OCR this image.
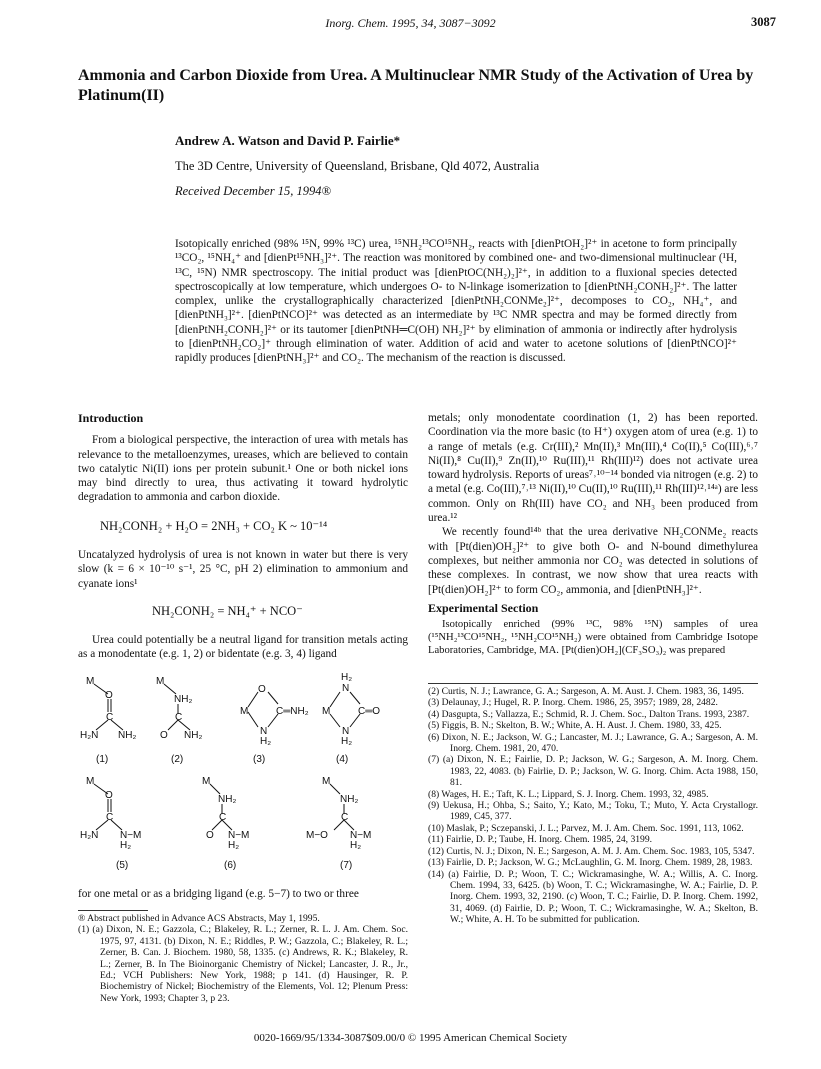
Inorg. Chem. 1995, 34, 3087−3092	3087
Ammonia and Carbon Dioxide from Urea. A Multinuclear NMR Study of the Activation of Urea by Platinum(II)
Andrew A. Watson and David P. Fairlie*
The 3D Centre, University of Queensland, Brisbane, Qld 4072, Australia
Received December 15, 1994®
Isotopically enriched (98% ¹⁵N, 99% ¹³C) urea, ¹⁵NH₂¹³CO¹⁵NH₂, reacts with [dienPtOH₂]²⁺ in acetone to form principally ¹³CO₂, ¹⁵NH₄⁺ and [dienPt¹⁵NH₃]²⁺. The reaction was monitored by combined one- and two-dimensional multinuclear (¹H, ¹³C, ¹⁵N) NMR spectroscopy. The initial product was [dienPtOC(NH₂)₂]²⁺, in addition to a fluxional species detected spectroscopically at low temperature, which undergoes O- to N-linkage isomerization to [dienPtNH₂CONH₂]²⁺. The latter complex, unlike the crystallographically characterized [dienPtNH₂CONMe₂]²⁺, decomposes to CO₂, NH₄⁺, and [dienPtNH₃]²⁺. [dienPtNCO]²⁺ was detected as an intermediate by ¹³C NMR spectra and may be formed directly from [dienPtNH₂CONH₂]²⁺ or its tautomer [dienPtNH═C(OH) NH₂]²⁺ by elimination of ammonia or indirectly after hydrolysis to [dienPtNH₂CO₂]⁺ through elimination of water. Addition of acid and water to acetone solutions of [dienPtNCO]²⁺ rapidly produces [dienPtNH₃]²⁺ and CO₂. The mechanism of the reaction is discussed.
Introduction

From a biological perspective, the interaction of urea with metals has relevance to the metalloenzymes, ureases, which are believed to contain two catalytic Ni(II) ions per protein subunit.¹ One or both nickel ions may bind directly to urea, thus activating it toward hydrolytic degradation to ammonia and carbon dioxide.

NH₂CONH₂ + H₂O = 2NH₃ + CO₂ K ~ 10⁻¹⁴

Uncatalyzed hydrolysis of urea is not known in water but there is very slow (k = 6 × 10⁻¹⁰ s⁻¹, 25 °C, pH 2) elimination to ammonium and cyanate ions¹

NH₂CONH₂ = NH₄⁺ + NCO⁻

Urea could potentially be a neutral ligand for transition metals acting as a monodentate (e.g. 1, 2) or bidentate (e.g. 3, 4) ligand

M
O
C
H₂N NH₂
M
NH₂
C
O NH₂
M
O
C═NH₂
N
H₂
M
H₂
N
C═O
N
H₂
(1)	(2)	(3)	(4)
M
O
C
H₂N N−M
H₂
M
NH₂
C
O N−M
H₂
M
NH₂
C
M−O N−M
H₂
(5)	(6)	(7)

for one metal or as a bridging ligand (e.g. 5−7) to two or three

® Abstract published in Advance ACS Abstracts, May 1, 1995.
(1) (a) Dixon, N. E.; Gazzola, C.; Blakeley, R. L.; Zerner, R. L. J. Am. Chem. Soc. 1975, 97, 4131. (b) Dixon, N. E.; Riddles, P. W.; Gazzola, C.; Blakeley, R. L.; Zerner, B. Can. J. Biochem. 1980, 58, 1335. (c) Andrews, R. K.; Blakeley, R. L.; Zerner, B. In The Bioinorganic Chemistry of Nickel; Lancaster, J. R., Jr., Ed.; VCH Publishers: New York, 1988; p 141. (d) Hausinger, R. P. Biochemistry of Nickel; Biochemistry of the Elements, Vol. 12; Plenum Press: New York, 1993; Chapter 3, p 23.

metals; only monodentate coordination (1, 2) has been reported. Coordination via the more basic (to H⁺) oxygen atom of urea (e.g. 1) to a range of metals (e.g. Cr(III),² Mn(II),³ Mn(III),⁴ Co(II),⁵ Co(III),⁶˒⁷ Ni(II),⁸ Cu(II),⁹ Zn(II),¹⁰ Ru(III),¹¹ Rh(III)¹²) does not activate urea toward hydrolysis. Reports of ureas⁷˒¹⁰⁻¹⁴ bonded via nitrogen (e.g. 2) to a metal (e.g. Co(III),⁷˒¹³ Ni(II),¹⁰ Cu(II),¹⁰ Ru(III),¹¹ Rh(III)¹²˒¹⁴ᵃ) are less common. Only on Rh(III) have CO₂ and NH₃ been produced from urea.¹²

We recently found¹⁴ᵇ that the urea derivative NH₂CONMe₂ reacts with [Pt(dien)OH₂]²⁺ to give both O- and N-bound dimethylurea complexes, but neither ammonia nor CO₂ was detected in solutions of these complexes. In contrast, we now show that urea reacts with [Pt(dien)OH₂]²⁺ to form CO₂, ammonia, and [dienPtNH₃]²⁺.

Experimental Section

Isotopically enriched (99% ¹³C, 98% ¹⁵N) samples of urea (¹⁵NH₂¹³CO¹⁵NH₂, ¹⁵NH₂CO¹⁵NH₂) were obtained from Cambridge Isotope Laboratories, Cambridge, MA. [Pt(dien)OH₂](CF₃SO₃)₂ was prepared

(2) Curtis, N. J.; Lawrance, G. A.; Sargeson, A. M. Aust. J. Chem. 1983, 36, 1495.
(3) Delaunay, J.; Hugel, R. P. Inorg. Chem. 1986, 25, 3957; 1989, 28, 2482.
(4) Dasgupta, S.; Vallazza, E.; Schmid, R. J. Chem. Soc., Dalton Trans. 1993, 2387.
(5) Figgis, B. N.; Skelton, B. W.; White, A. H. Aust. J. Chem. 1980, 33, 425.
(6) Dixon, N. E.; Jackson, W. G.; Lancaster, M. J.; Lawrance, G. A.; Sargeson, A. M. Inorg. Chem. 1981, 20, 470.
(7) (a) Dixon, N. E.; Fairlie, D. P.; Jackson, W. G.; Sargeson, A. M. Inorg. Chem. 1983, 22, 4083. (b) Fairlie, D. P.; Jackson, W. G. Inorg. Chim. Acta 1988, 150, 81.
(8) Wages, H. E.; Taft, K. L.; Lippard, S. J. Inorg. Chem. 1993, 32, 4985.
(9) Uekusa, H.; Ohba, S.; Saito, Y.; Kato, M.; Toku, T.; Muto, Y. Acta Crystallogr. 1989, C45, 377.
(10) Maslak, P.; Sczepanski, J. L.; Parvez, M. J. Am. Chem. Soc. 1991, 113, 1062.
(11) Fairlie, D. P.; Taube, H. Inorg. Chem. 1985, 24, 3199.
(12) Curtis, N. J.; Dixon, N. E.; Sargeson, A. M. J. Am. Chem. Soc. 1983, 105, 5347.
(13) Fairlie, D. P.; Jackson, W. G.; McLaughlin, G. M. Inorg. Chem. 1989, 28, 1983.
(14) (a) Fairlie, D. P.; Woon, T. C.; Wickramasinghe, W. A.; Willis, A. C. Inorg. Chem. 1994, 33, 6425. (b) Woon, T. C.; Wickramasinghe, W. A.; Fairlie, D. P. Inorg. Chem. 1993, 32, 2190. (c) Woon, T. C.; Fairlie, D. P. Inorg. Chem. 1992, 31, 4069. (d) Fairlie, D. P.; Woon, T. C.; Wickramasinghe, W. A.; Skelton, B. W.; White, A. H. To be submitted for publication.
0020-1669/95/1334-3087$09.00/0 © 1995 American Chemical Society
